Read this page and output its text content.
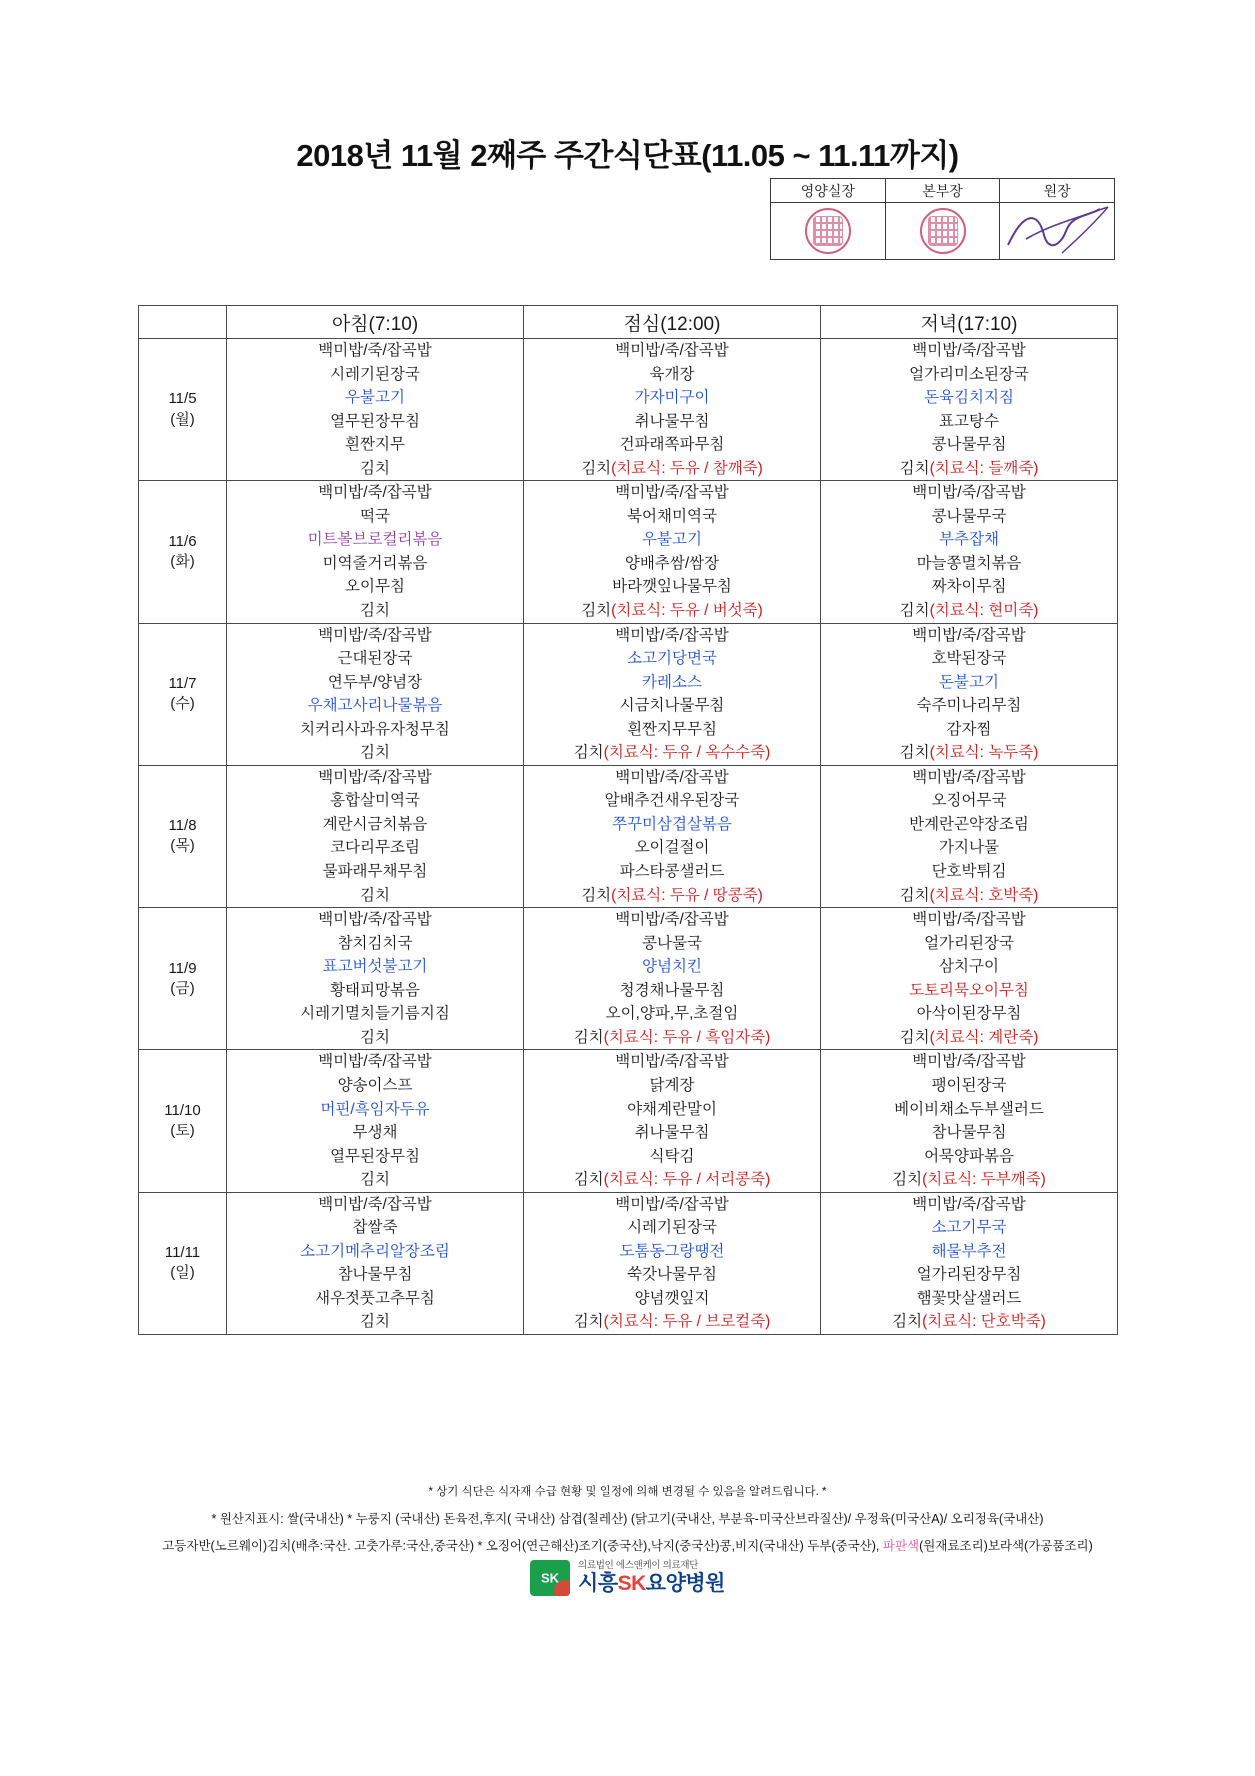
2018년 11월 2째주 주간식단표(11.05 ~ 11.11까지)
영양실장	본부장	원장
	아침(7:10)	점심(12:00)	저녁(17:10)

11/5
(월)

백미밥/죽/잡곡밥
시레기된장국
우불고기
열무된장무침
흰짠지무
김치

백미밥/죽/잡곡밥
육개장
가자미구이
취나물무침
건파래쪽파무침
김치(치료식: 두유 / 참깨죽)

백미밥/죽/잡곡밥
얼가리미소된장국
돈육김치지짐
표고탕수
콩나물무침
김치(치료식: 들깨죽)

11/6
(화)

백미밥/죽/잡곡밥
떡국
미트볼브로컬리볶음
미역줄거리볶음
오이무침
김치

백미밥/죽/잡곡밥
북어채미역국
우불고기
양배추쌈/쌈장
바라깻잎나물무침
김치(치료식: 두유 / 버섯죽)

백미밥/죽/잡곡밥
콩나물무국
부추잡채
마늘쫑멸치볶음
짜차이무침
김치(치료식: 현미죽)

11/7
(수)

백미밥/죽/잡곡밥
근대된장국
연두부/양념장
우채고사리나물볶음
치커리사과유자청무침
김치

백미밥/죽/잡곡밥
소고기당면국
카레소스
시금치나물무침
흰짠지무무침
김치(치료식: 두유 / 옥수수죽)

백미밥/죽/잡곡밥
호박된장국
돈불고기
숙주미나리무침
감자찜
김치(치료식: 녹두죽)

11/8
(목)

백미밥/죽/잡곡밥
홍합살미역국
계란시금치볶음
코다리무조림
물파래무채무침
김치

백미밥/죽/잡곡밥
알배추건새우된장국
쭈꾸미삼겹살볶음
오이걸절이
파스타콩샐러드
김치(치료식: 두유 / 땅콩죽)

백미밥/죽/잡곡밥
오징어무국
반계란곤약장조림
가지나물
단호박튀김
김치(치료식: 호박죽)

11/9
(금)

백미밥/죽/잡곡밥
참치김치국
표고버섯불고기
황태피망볶음
시레기멸치들기름지짐
김치

백미밥/죽/잡곡밥
콩나물국
양념치킨
청경채나물무침
오이,양파,무,초절임
김치(치료식: 두유 / 흑임자죽)

백미밥/죽/잡곡밥
얼가리된장국
삼치구이
도토리묵오이무침
아삭이된장무침
김치(치료식: 계란죽)

11/10
(토)

백미밥/죽/잡곡밥
양송이스프
머핀/흑임자두유
무생채
열무된장무침
김치

백미밥/죽/잡곡밥
닭계장
야채계란말이
취나물무침
식탁김
김치(치료식: 두유 / 서리콩죽)

백미밥/죽/잡곡밥
팽이된장국
베이비채소두부샐러드
참나물무침
어묵양파볶음
김치(치료식: 두부깨죽)

11/11
(일)

백미밥/죽/잡곡밥
찹쌀죽
소고기메추리알장조림
참나물무침
새우젓풋고추무침
김치

백미밥/죽/잡곡밥
시레기된장국
도톰동그랑땡전
쑥갓나물무침
양념깻잎지
김치(치료식: 두유 / 브로컬죽)

백미밥/죽/잡곡밥
소고기무국
해물부추전
얼가리된장무침
햄꽃맛살샐러드
김치(치료식: 단호박죽)
* 상기 식단은 식자재 수급 현황 및 일정에 의해 변경될 수 있음을 알려드립니다. *
* 원산지표시: 쌀(국내산) * 누룽지 (국내산) 돈육전,후지( 국내산) 삼겹(칠레산) (닭고기(국내산, 부분육-미국산브라질산)/ 우정육(미국산A)/ 오리정육(국내산)
고등자반(노르웨이)김치(배추:국산. 고춧가루:국산,중국산) * 오징어(연근해산)조기(중국산),낙지(중국산)콩,비지(국내산) 두부(중국산), 파판색(원재료조리)보라색(가공품조리)
SK
의료법인 에스앤케이 의료재단
시흥SK요양병원
